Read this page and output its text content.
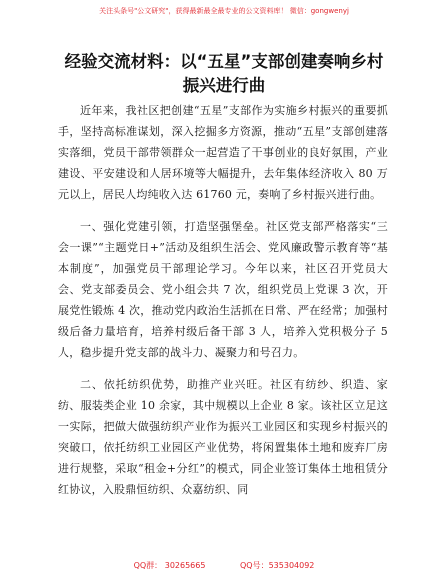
关注头条号"公文研究"，获得最新最全最专业的公文资料库！ 微信：gongwenyj
经验交流材料：以“五星”支部创建奏响乡村
振兴进行曲

近年来，我社区把创建“五星”支部作为实施乡村振兴的重要抓手，坚持高标准谋划，深入挖掘多方资源，推动“五星”支部创建落实落细，党员干部带领群众一起营造了干事创业的良好氛围，产业建设、平安建设和人居环境等大幅提升，去年集体经济收入 80 万元以上，居民人均纯收入达 61760 元，奏响了乡村振兴进行曲。

一、强化党建引领，打造坚强堡垒。社区党支部严格落实“三会一课”“主题党日+”活动及组织生活会、党风廉政警示教育等“基本制度”，加强党员干部理论学习。今年以来，社区召开党员大会、党支部委员会、党小组会共 7 次，组织党员上党课 3 次，开展党性锻炼 4 次，推动党内政治生活抓在日常、严在经常；加强村级后备力量培育，培养村级后备干部 3 人，培养入党积极分子 5 人，稳步提升党支部的战斗力、凝聚力和号召力。

二、依托纺织优势，助推产业兴旺。社区有纺纱、织造、家纺、服装类企业 10 余家，其中规模以上企业 8 家。该社区立足这一实际，把做大做强纺织产业作为振兴工业园区和实现乡村振兴的突破口，依托纺织工业园区产业优势，将闲置集体土地和废弃厂房进行规整，采取“租金+分红”的模式，同企业签订集体土地租赁分红协议，入股鼎恒纺织、众嘉纺织、同

QQ群： 30265665	QQ号：535304092
